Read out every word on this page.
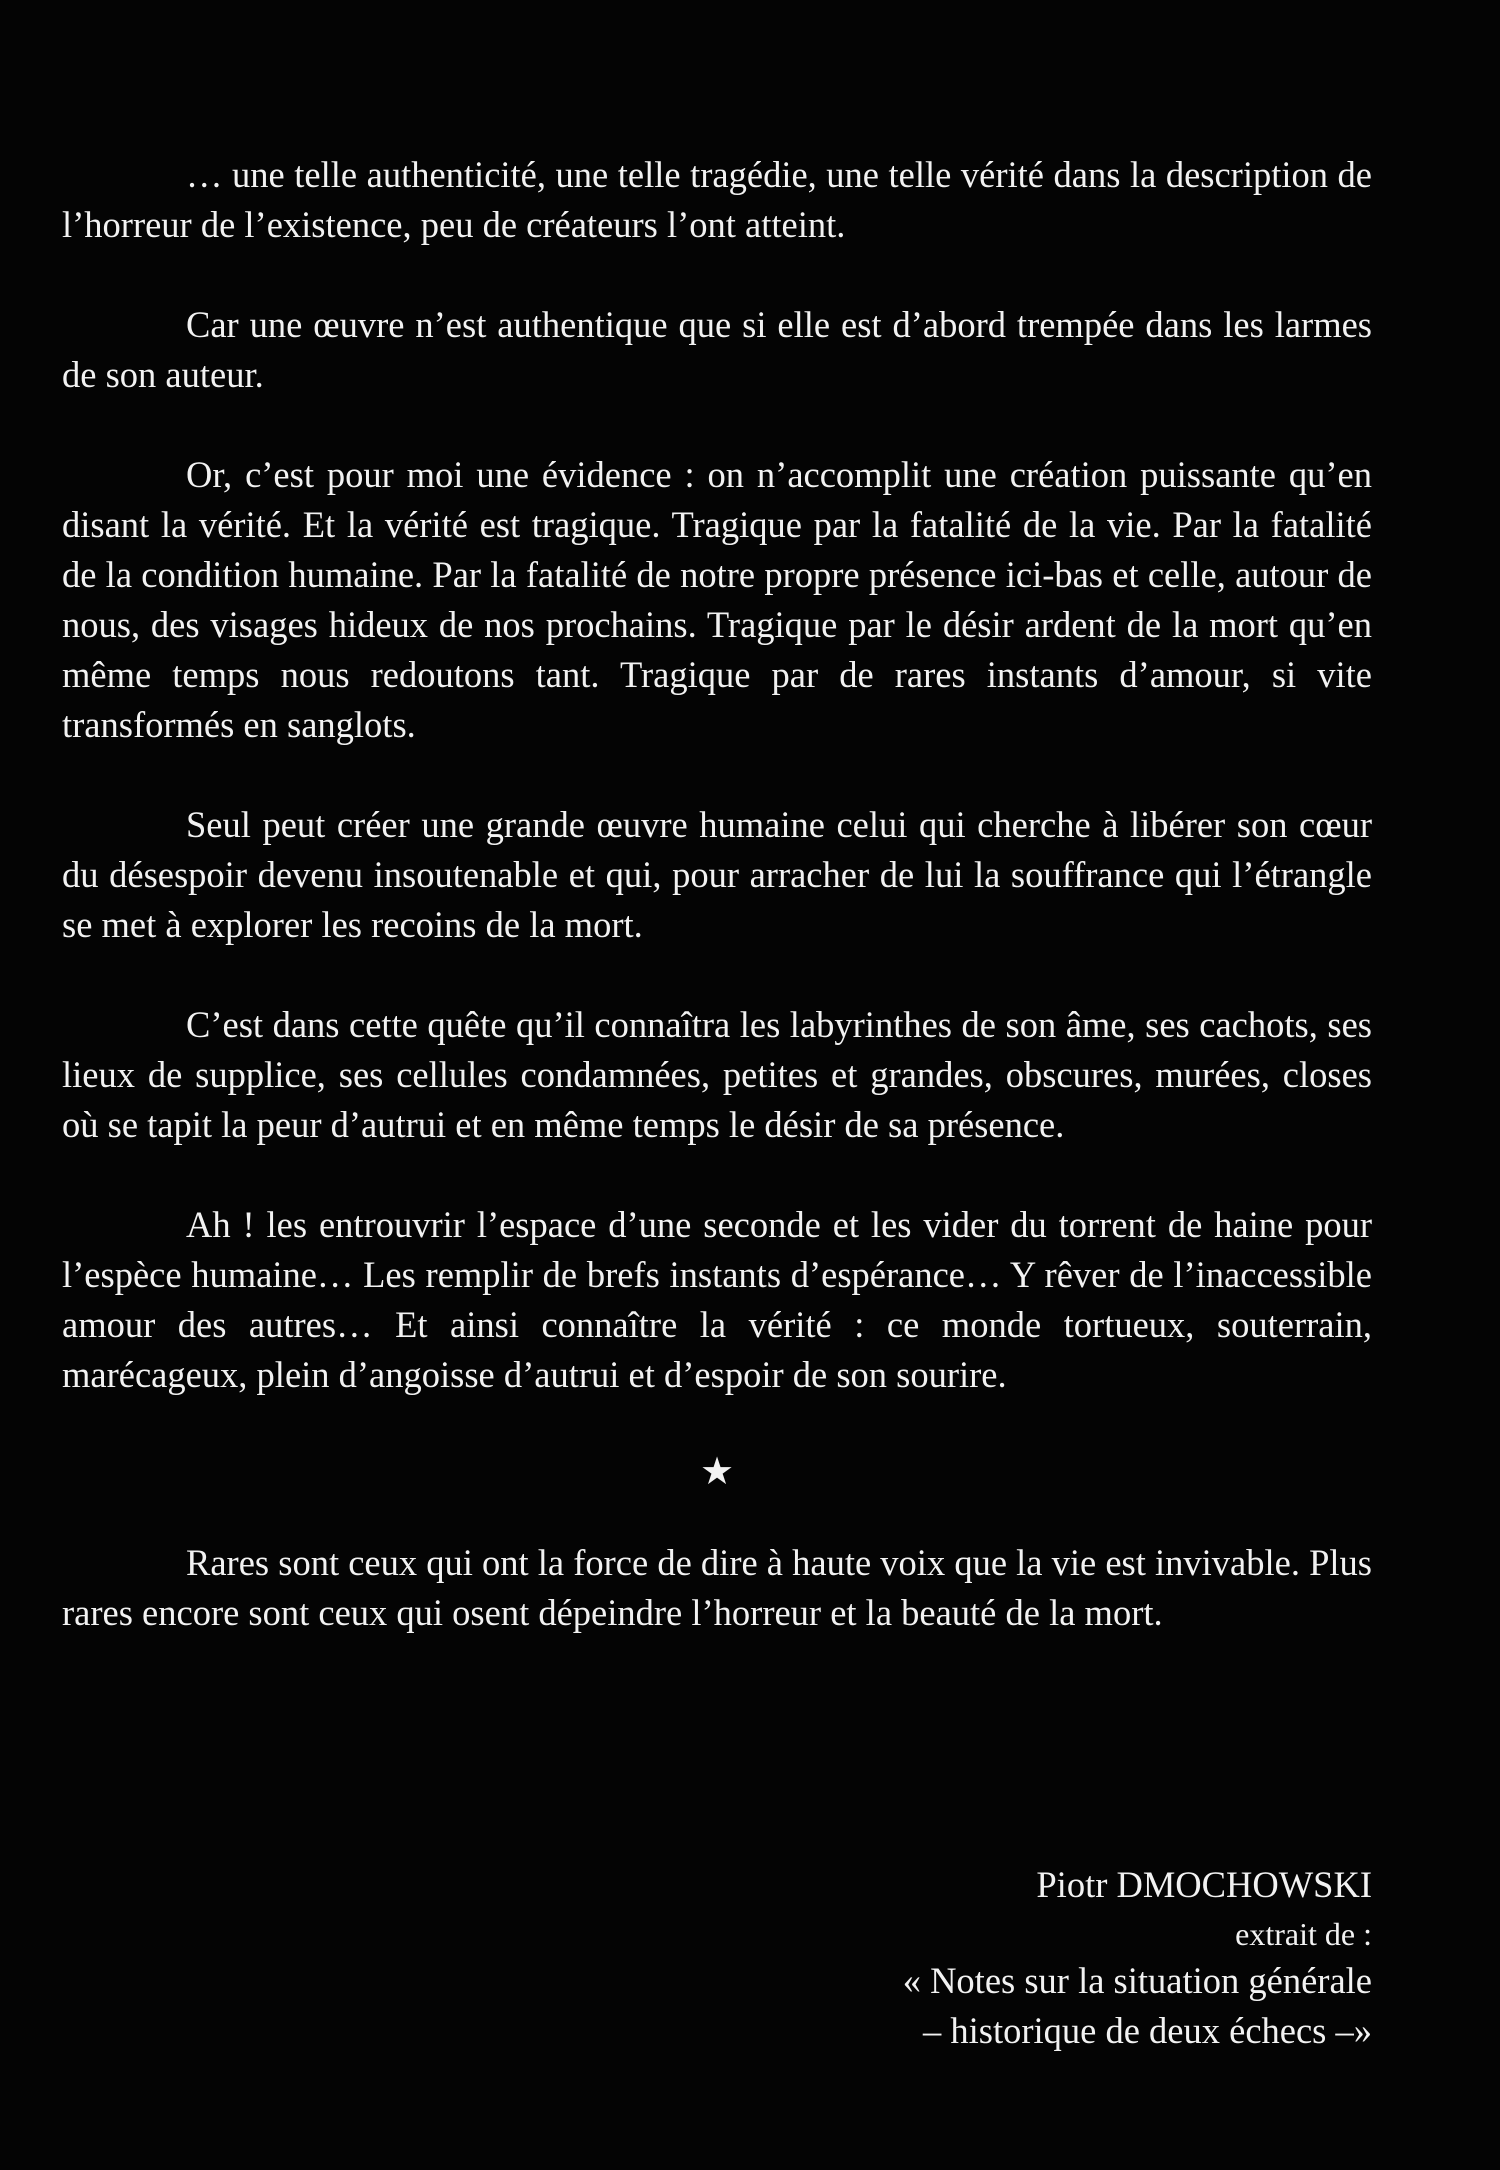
… une telle authenticité, une telle tragédie, une telle vérité dans la description de l’horreur de l’existence, peu de créateurs l’ont atteint.

Car une œuvre n’est authentique que si elle est d’abord trempée dans les larmes de son auteur.

Or, c’est pour moi une évidence : on n’accomplit une création puissante qu’en disant la vérité. Et la vérité est tragique. Tragique par la fatalité de la vie. Par la fatalité de la condition humaine. Par la fatalité de notre propre présence ici-bas et celle, autour de nous, des visages hideux de nos prochains. Tragique par le désir ardent de la mort qu’en même temps nous redoutons tant. Tragique par de rares instants d’amour, si vite transformés en sanglots.

Seul peut créer une grande œuvre humaine celui qui cherche à libérer son cœur du désespoir devenu insoutenable et qui, pour arracher de lui la souffrance qui l’étrangle se met à explorer les recoins de la mort.

C’est dans cette quête qu’il connaîtra les labyrinthes de son âme, ses cachots, ses lieux de supplice, ses cellules condamnées, petites et grandes, obscures, murées, closes où se tapit la peur d’autrui et en même temps le désir de sa présence.

Ah ! les entrouvrir l’espace d’une seconde et les vider du torrent de haine pour l’espèce humaine… Les remplir de brefs instants d’espérance… Y rêver de l’inaccessible amour des autres… Et ainsi connaître la vérité : ce monde tortueux, souterrain, marécageux, plein d’angoisse d’autrui et d’espoir de son sourire.

★

Rares sont ceux qui ont la force de dire à haute voix que la vie est invivable. Plus rares encore sont ceux qui osent dépeindre l’horreur et la beauté de la mort.

Piotr DMOCHOWSKI
extrait de :
« Notes sur la situation générale
– historique de deux échecs –»
